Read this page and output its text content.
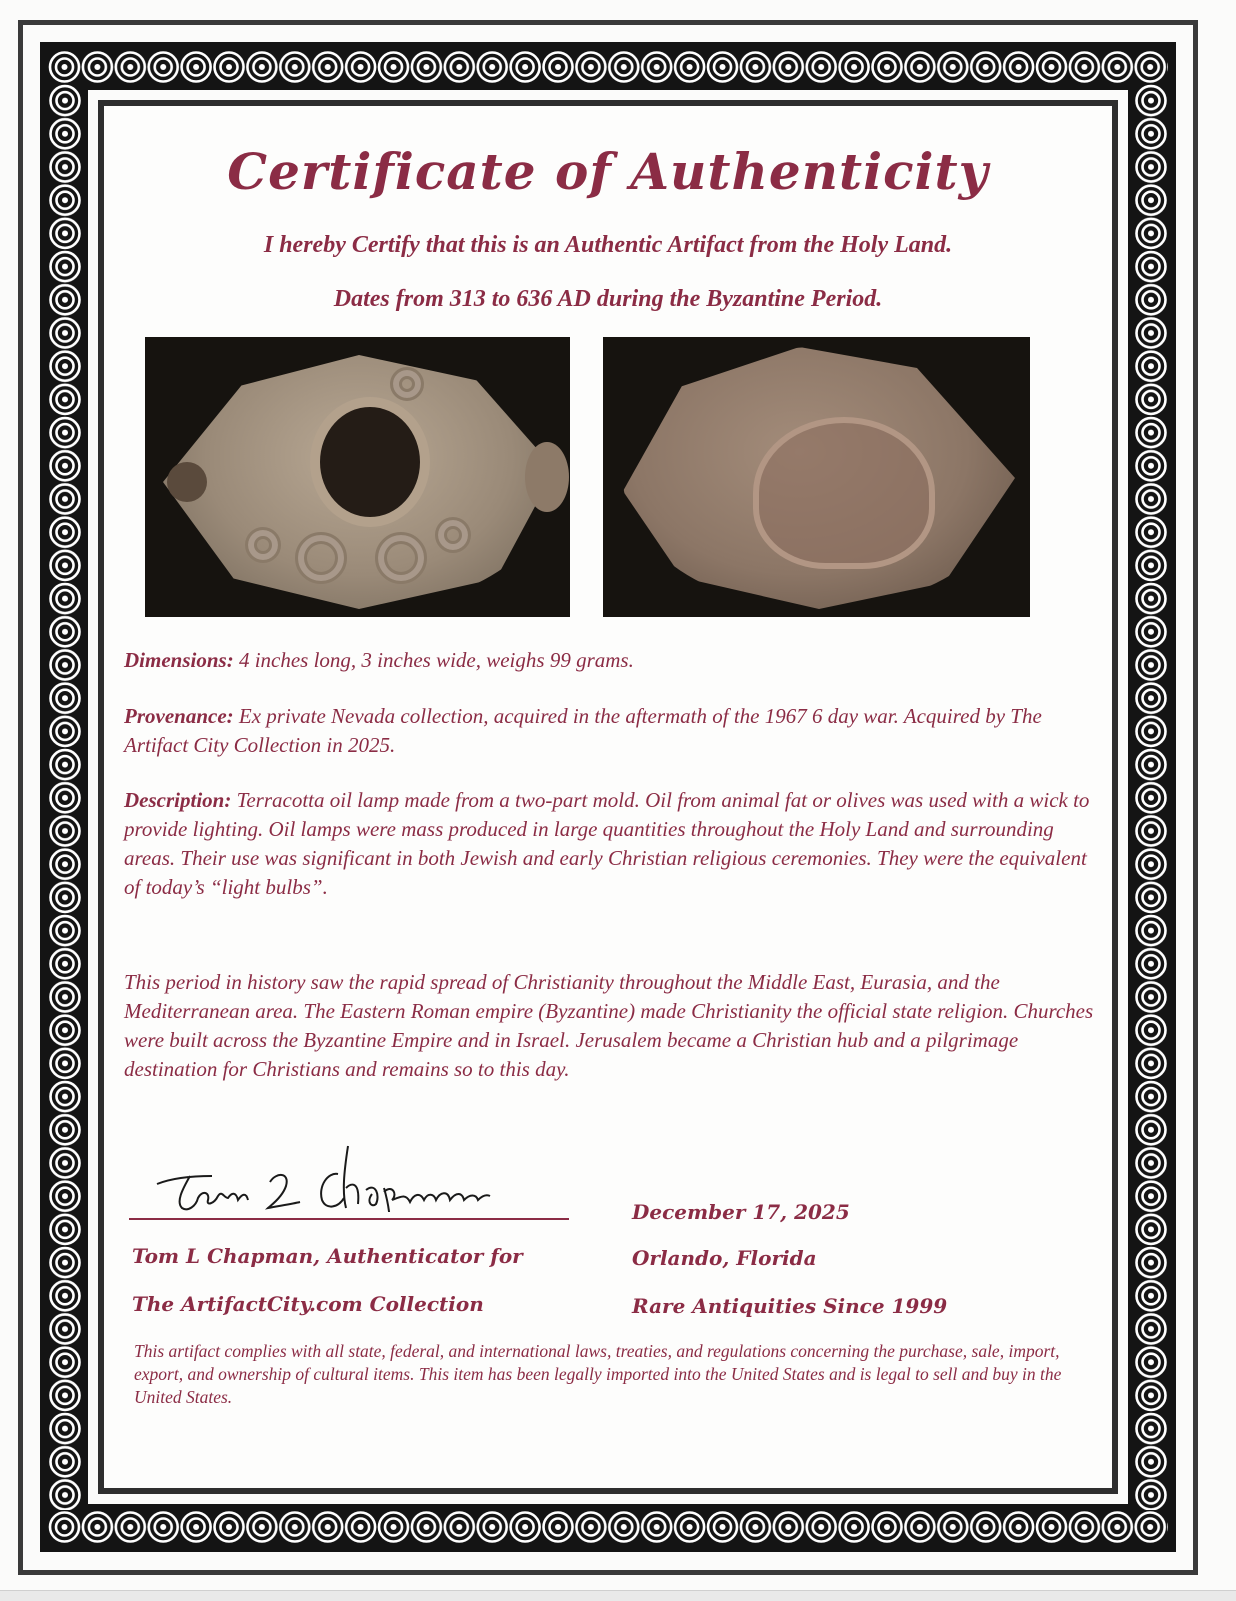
Certificate of Authenticity
I hereby Certify that this is an Authentic Artifact from the Holy Land.
Dates from 313 to 636 AD during the Byzantine Period.
Dimensions: 4 inches long, 3 inches wide, weighs 99 grams.
Provenance: Ex private Nevada collection, acquired in the aftermath of the 1967 6 day war. Acquired by The Artifact City Collection in 2025.
Description: Terracotta oil lamp made from a two-part mold. Oil from animal fat or olives was used with a wick to provide lighting. Oil lamps were mass produced in large quantities throughout the Holy Land and surrounding areas. Their use was significant in both Jewish and early Christian religious ceremonies. They were the equivalent of today’s “light bulbs”.
This period in history saw the rapid spread of Christianity throughout the Middle East, Eurasia, and the Mediterranean area. The Eastern Roman empire (Byzantine) made Christianity the official state religion. Churches were built across the Byzantine Empire and in Israel. Jerusalem became a Christian hub and a pilgrimage destination for Christians and remains so to this day.
Tom L Chapman, Authenticator for
The ArtifactCity.com Collection
December 17, 2025
Orlando, Florida
Rare Antiquities Since 1999
This artifact complies with all state, federal, and international laws, treaties, and regulations concerning the purchase, sale, import, export, and ownership of cultural items. This item has been legally imported into the United States and is legal to sell and buy in the United States.
